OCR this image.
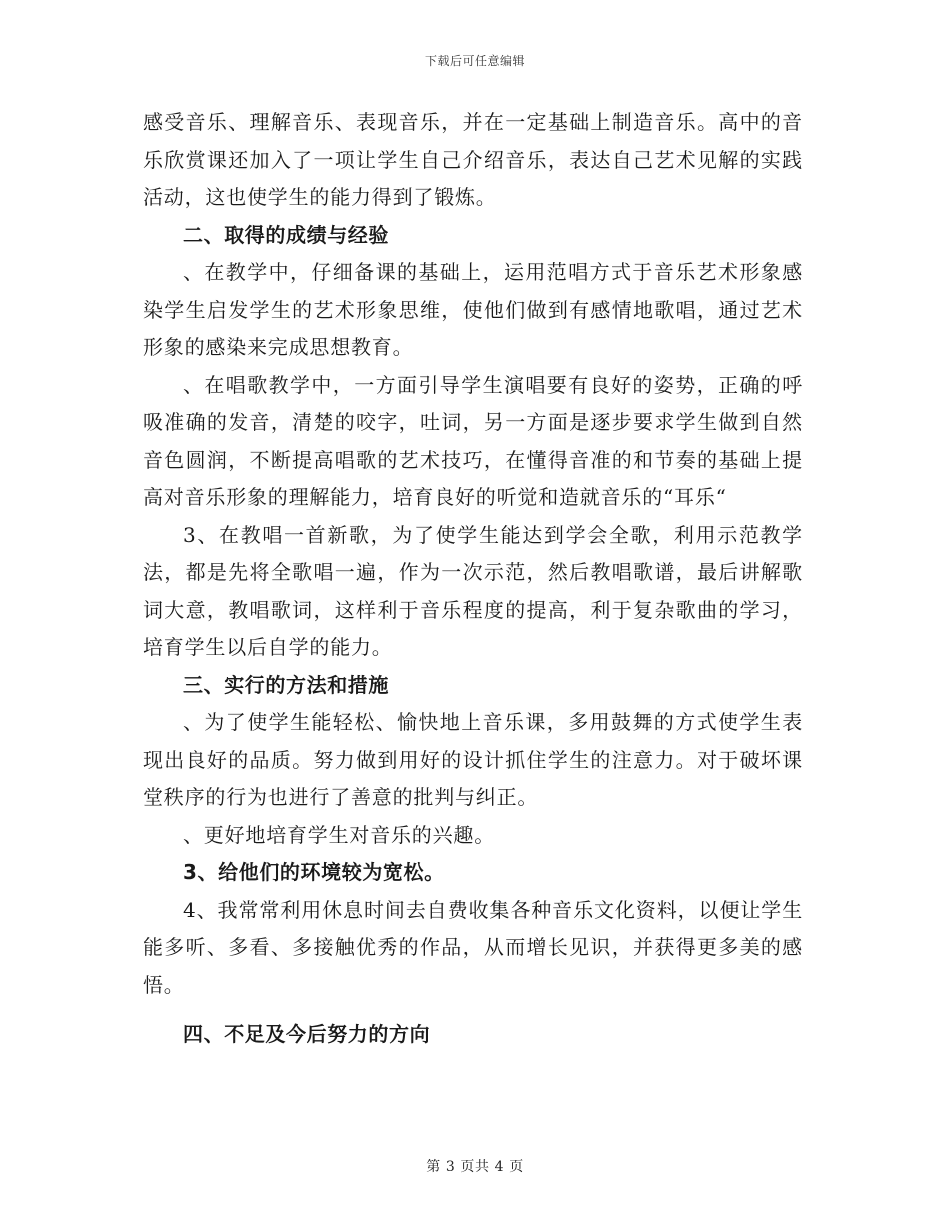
下载后可任意编辑

感受音乐、理解音乐、表现音乐，并在一定基础上制造音乐。高中的音乐欣赏课还加入了一项让学生自己介绍音乐，表达自己艺术见解的实践活动，这也使学生的能力得到了锻炼。

二、取得的成绩与经验

、在教学中，仔细备课的基础上，运用范唱方式于音乐艺术形象感染学生启发学生的艺术形象思维，使他们做到有感情地歌唱，通过艺术形象的感染来完成思想教育。

、在唱歌教学中，一方面引导学生演唱要有良好的姿势，正确的呼吸准确的发音，清楚的咬字，吐词，另一方面是逐步要求学生做到自然音色圆润，不断提高唱歌的艺术技巧，在懂得音准的和节奏的基础上提高对音乐形象的理解能力，培育良好的听觉和造就音乐的“耳乐“

3、在教唱一首新歌，为了使学生能达到学会全歌，利用示范教学法，都是先将全歌唱一遍，作为一次示范，然后教唱歌谱，最后讲解歌词大意，教唱歌词，这样利于音乐程度的提高，利于复杂歌曲的学习，培育学生以后自学的能力。

三、实行的方法和措施

、为了使学生能轻松、愉快地上音乐课，多用鼓舞的方式使学生表现出良好的品质。努力做到用好的设计抓住学生的注意力。对于破坏课堂秩序的行为也进行了善意的批判与纠正。

、更好地培育学生对音乐的兴趣。

3、给他们的环境较为宽松。

4、我常常利用休息时间去自费收集各种音乐文化资料，以便让学生能多听、多看、多接触优秀的作品，从而增长见识，并获得更多美的感悟。

四、不足及今后努力的方向

第 3 页共 4 页
